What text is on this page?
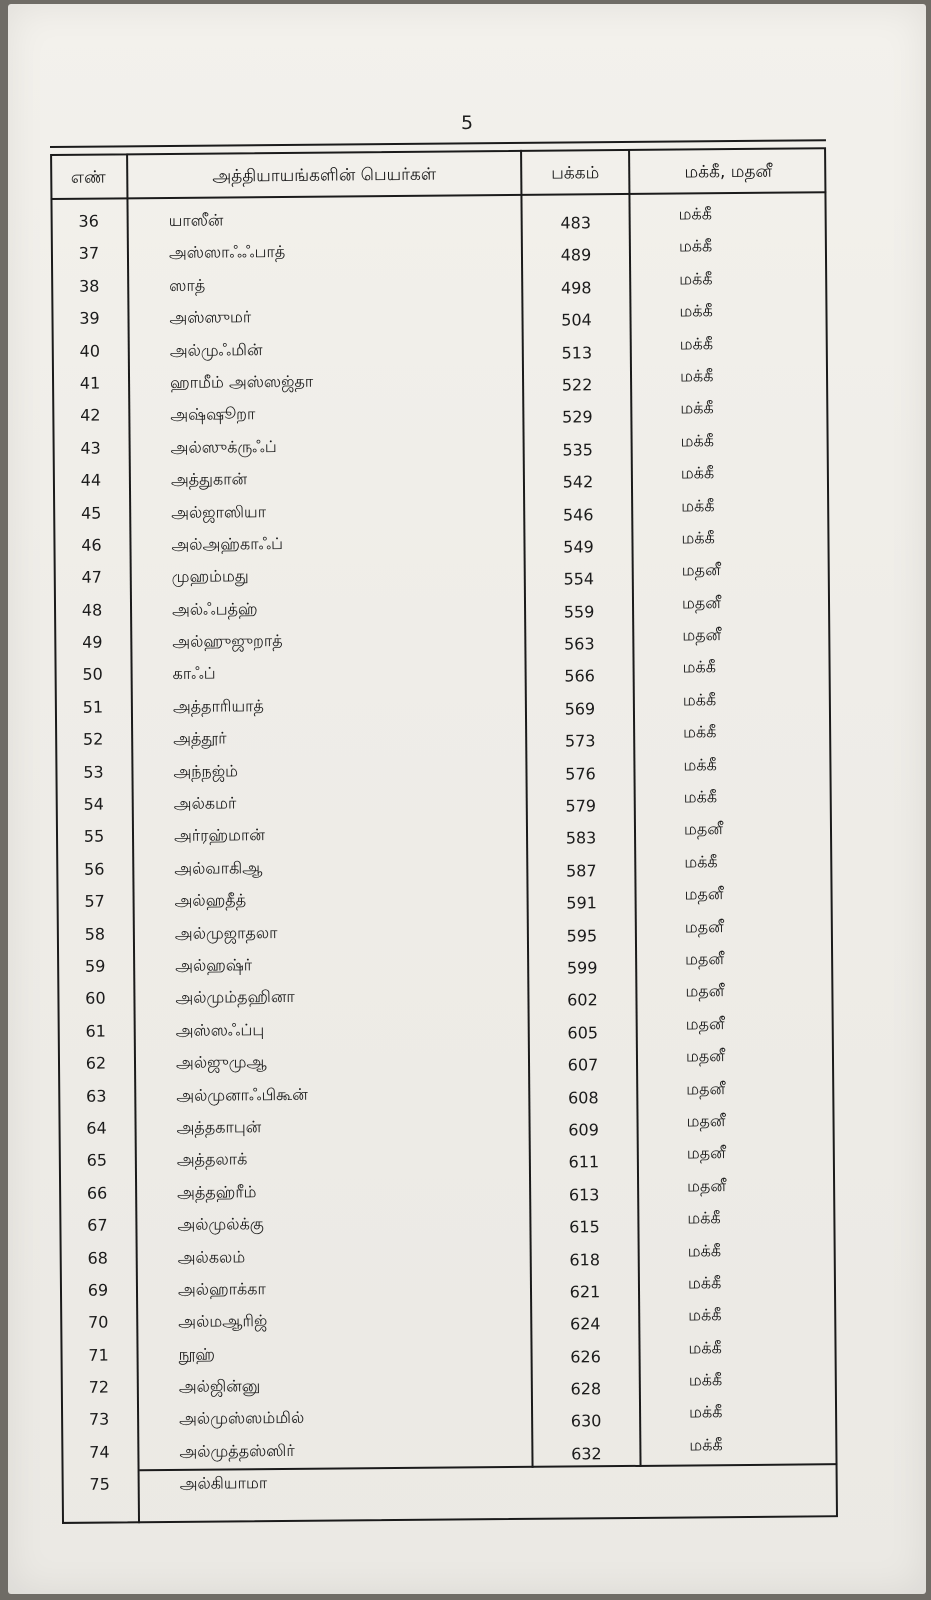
5
எண்	அத்தியாயங்களின் பெயர்கள்	பக்கம்	மக்கீ, மதனீ
36	யாஸீன்	483	மக்கீ
37	அஸ்ஸாஃஃபாத்	489	மக்கீ
38	ஸாத்	498	மக்கீ
39	அஸ்ஸுமர்	504	மக்கீ
40	அல்முஃமின்	513	மக்கீ
41	ஹாமீம் அஸ்ஸஜ்தா	522	மக்கீ
42	அஷ்ஷூறா	529	மக்கீ
43	அல்ஸுக்ருஃப்	535	மக்கீ
44	அத்துகான்	542	மக்கீ
45	அல்ஜாஸியா	546	மக்கீ
46	அல்அஹ்காஃப்	549	மக்கீ
47	முஹம்மது	554	மதனீ
48	அல்ஃபத்ஹ்	559	மதனீ
49	அல்ஹுஜுறாத்	563	மதனீ
50	காஃப்	566	மக்கீ
51	அத்தாரியாத்	569	மக்கீ
52	அத்தூர்	573	மக்கீ
53	அந்நஜ்ம்	576	மக்கீ
54	அல்கமர்	579	மக்கீ
55	அர்ரஹ்மான்	583	மதனீ
56	அல்வாகிஆ	587	மக்கீ
57	அல்ஹதீத்	591	மதனீ
58	அல்முஜாதலா	595	மதனீ
59	அல்ஹஷ்ர்	599	மதனீ
60	அல்மும்தஹினா	602	மதனீ
61	அஸ்ஸஃப்பு	605	மதனீ
62	அல்ஜுமுஆ	607	மதனீ
63	அல்முனாஃபிகூன்	608	மதனீ
64	அத்தகாபுன்	609	மதனீ
65	அத்தலாக்	611	மதனீ
66	அத்தஹ்ரீம்	613	மதனீ
67	அல்முல்க்கு	615	மக்கீ
68	அல்கலம்	618	மக்கீ
69	அல்ஹாக்கா	621	மக்கீ
70	அல்மஆரிஜ்	624	மக்கீ
71	நூஹ்	626	மக்கீ
72	அல்ஜின்னு	628	மக்கீ
73	அல்முஸ்ஸம்மில்	630	மக்கீ
74	அல்முத்தஸ்ஸிர்	632	மக்கீ
75	அல்கியாமா
